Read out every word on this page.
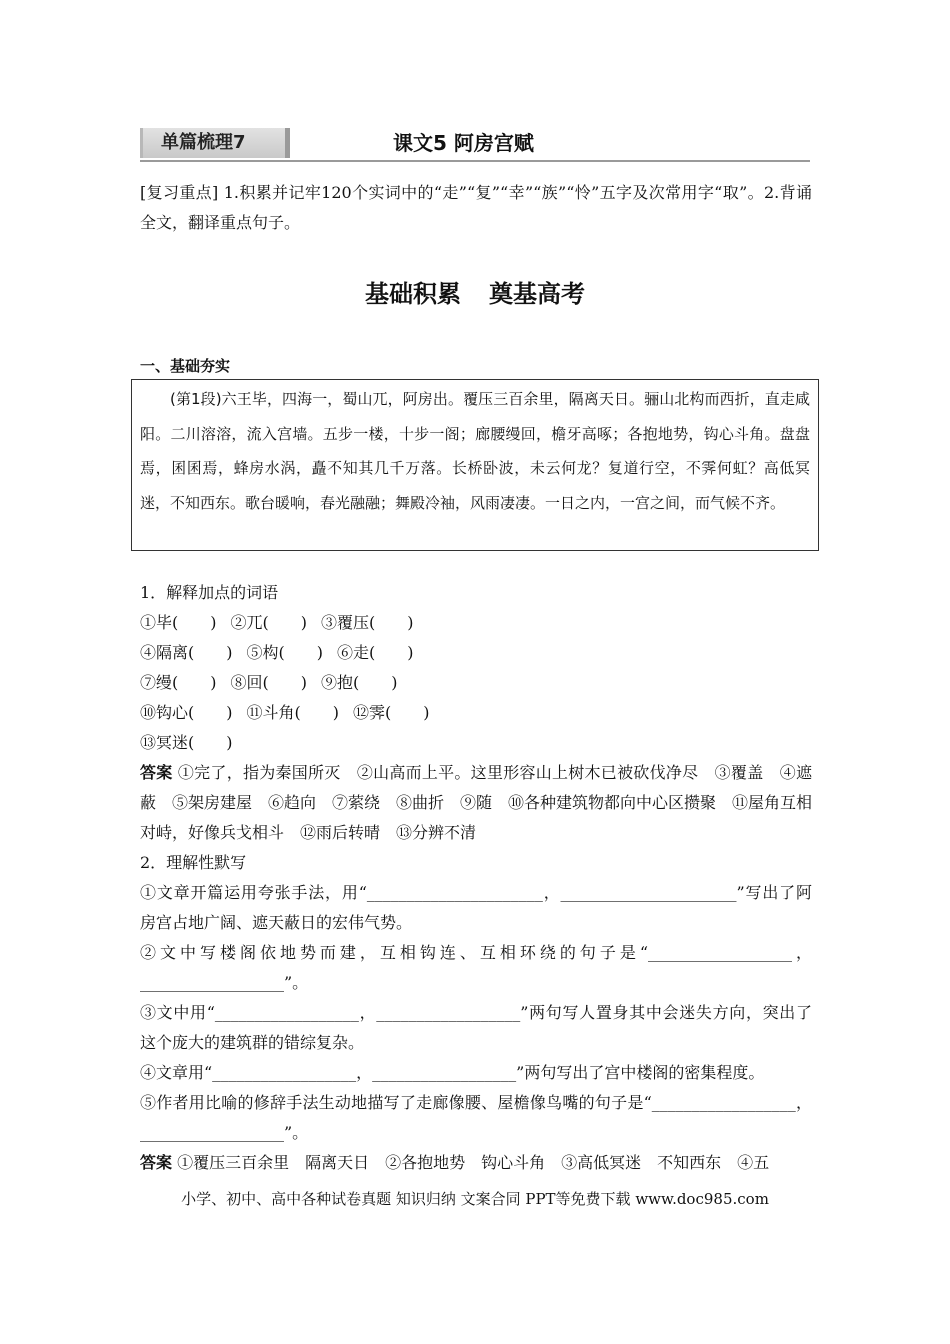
单篇梳理7	课文5 阿房宫赋
[复习重点] 1.积累并记牢120个实词中的“走”“复”“幸”“族”“怜”五字及次常用字“取”。2.背诵全文，翻译重点句子。
基础积累 奠基高考
一、基础夯实

(第1段)六王毕，四海一，蜀山兀，阿房出。覆压三百余里，隔离天日。骊山北构而西折，直走咸阳。二川溶溶，流入宫墙。五步一楼，十步一阁；廊腰缦回，檐牙高啄；各抱地势，钩心斗角。盘盘焉，囷囷焉，蜂房水涡，矗不知其几千万落。长桥卧波，未云何龙？复道行空，不霁何虹？高低冥迷，不知西东。歌台暖响，春光融融；舞殿冷袖，风雨凄凄。一日之内，一宫之间，而气候不齐。

1．解释加点的词语
①毕(　　) ②兀(　　) ③覆压(　　)
④隔离(　　) ⑤构(　　) ⑥走(　　)
⑦缦(　　) ⑧回(　　) ⑨抱(　　)
⑩钩心(　　) ⑪斗角(　　) ⑫霁(　　)
⑬冥迷(　　)
答案 ①完了，指为秦国所灭　②山高而上平。这里形容山上树木已被砍伐净尽　③覆盖　④遮蔽　⑤架房建屋　⑥趋向　⑦萦绕　⑧曲折　⑨随　⑩各种建筑物都向中心区攒聚　⑪屋角互相对峙，好像兵戈相斗　⑫雨后转晴　⑬分辨不清
2．理解性默写
①文章开篇运用夸张手法，用“______________________，______________________”写出了阿房宫占地广阔、遮天蔽日的宏伟气势。
②文中写楼阁依地势而建，互相钩连、互相环绕的句子是“__________________，__________________”。
③文中用“__________________，__________________”两句写人置身其中会迷失方向，突出了这个庞大的建筑群的错综复杂。
④文章用“__________________，__________________”两句写出了宫中楼阁的密集程度。
⑤作者用比喻的修辞手法生动地描写了走廊像腰、屋檐像鸟嘴的句子是“__________________，__________________”。
答案 ①覆压三百余里　隔离天日　②各抱地势　钩心斗角　③高低冥迷　不知西东　④五
小学、初中、高中各种试卷真题 知识归纳 文案合同 PPT等免费下载 www.doc985.com
